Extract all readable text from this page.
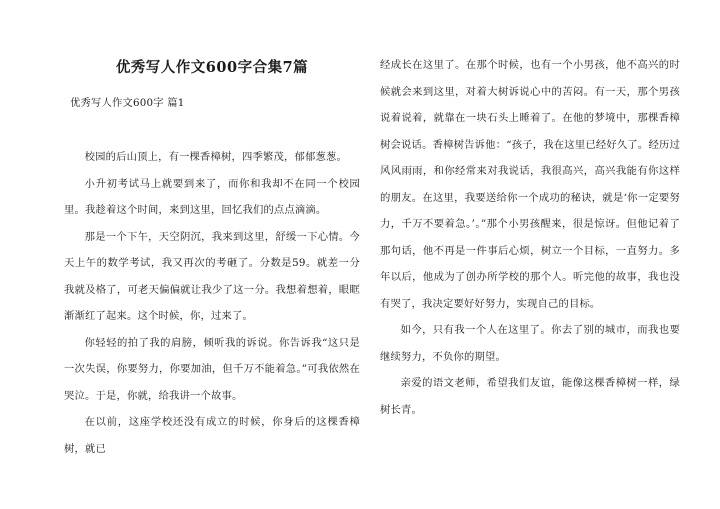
优秀写人作文600字合集7篇
优秀写人作文600字 篇1

校园的后山顶上，有一棵香樟树，四季繁茂，郁郁葱葱。

小升初考试马上就要到来了，而你和我却不在同一个校园里。我趁着这个时间，来到这里，回忆我们的点点滴滴。

那是一个下午，天空阴沉，我来到这里，舒缓一下心情。今天上午的数学考试，我又再次的考砸了。分数是59。就差一分我就及格了，可老天偏偏就让我少了这一分。我想着想着，眼眶渐渐红了起来。这个时候，你，过来了。

你轻轻的拍了我的肩膀，倾听我的诉说。你告诉我“这只是一次失误，你要努力，你要加油，但千万不能着急。”可我依然在哭泣。于是，你就，给我讲一个故事。

在以前，这座学校还没有成立的时候，你身后的这棵香樟树，就已

经成长在这里了。在那个时候，也有一个小男孩，他不高兴的时候就会来到这里，对着大树诉说心中的苦闷。有一天，那个男孩说着说着，就靠在一块石头上睡着了。在他的梦境中，那棵香樟树会说话。香樟树告诉他：“孩子，我在这里已经好久了。经历过风风雨雨，和你经常来对我说话，我很高兴，高兴我能有你这样的朋友。在这里，我要送给你一个成功的秘诀，就是‘你一定要努力，千万不要着急。’。”那个小男孩醒来，很是惊讶。但他记着了那句话，他不再是一件事后心烦，树立一个目标，一直努力。多年以后，他成为了创办所学校的那个人。听完他的故事，我也没有哭了，我决定要好好努力，实现自己的目标。

如今，只有我一个人在这里了。你去了别的城市，而我也要继续努力，不负你的期望。

亲爱的语文老师，希望我们友谊，能像这棵香樟树一样，绿树长青。
